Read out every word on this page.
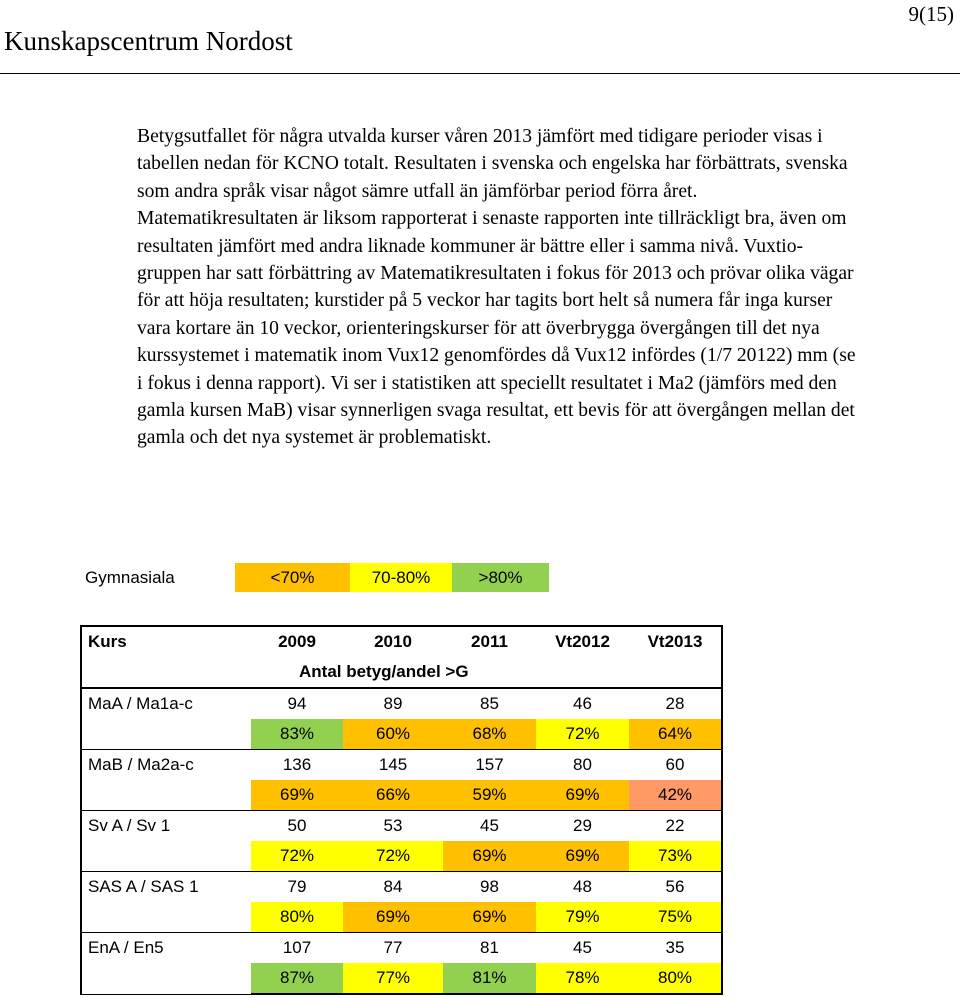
9(15)
Kunskapscentrum Nordost

Betygsutfallet för några utvalda kurser våren 2013 jämfört med tidigare perioder visas i tabellen nedan för KCNO totalt. Resultaten i svenska och engelska har förbättrats, svenska som andra språk visar något sämre utfall än jämförbar period förra året. Matematikresultaten är liksom rapporterat i senaste rapporten inte tillräckligt bra, även om resultaten jämfört med andra liknade kommuner är bättre eller i samma nivå. Vuxtio-gruppen har satt förbättring av Matematikresultaten i fokus för 2013 och prövar olika vägar för att höja resultaten; kurstider på 5 veckor har tagits bort helt så numera får inga kurser vara kortare än 10 veckor, orienteringskurser för att överbrygga övergången till det nya kurssystemet i matematik inom Vux12 genomfördes då Vux12 infördes (1/7 20122) mm (se i fokus i denna rapport). Vi ser i statistiken att speciellt resultatet i Ma2 (jämförs med den gamla kursen MaB) visar synnerligen svaga resultat, ett bevis för att övergången mellan det gamla och det nya systemet är problematiskt.

Gymnasiala	<70%	70-80%	>80%
Kurs	2009	2010	2011	Vt2012	Vt2013
	Antal betyg/andel >G				
MaA / Ma1a-c	94	89	85	46	28
	83%	60%	68%	72%	64%
MaB / Ma2a-c	136	145	157	80	60
	69%	66%	59%	69%	42%
Sv A / Sv 1	50	53	45	29	22
	72%	72%	69%	69%	73%
SAS A / SAS 1	79	84	98	48	56
	80%	69%	69%	79%	75%
EnA / En5	107	77	81	45	35
	87%	77%	81%	78%	80%
